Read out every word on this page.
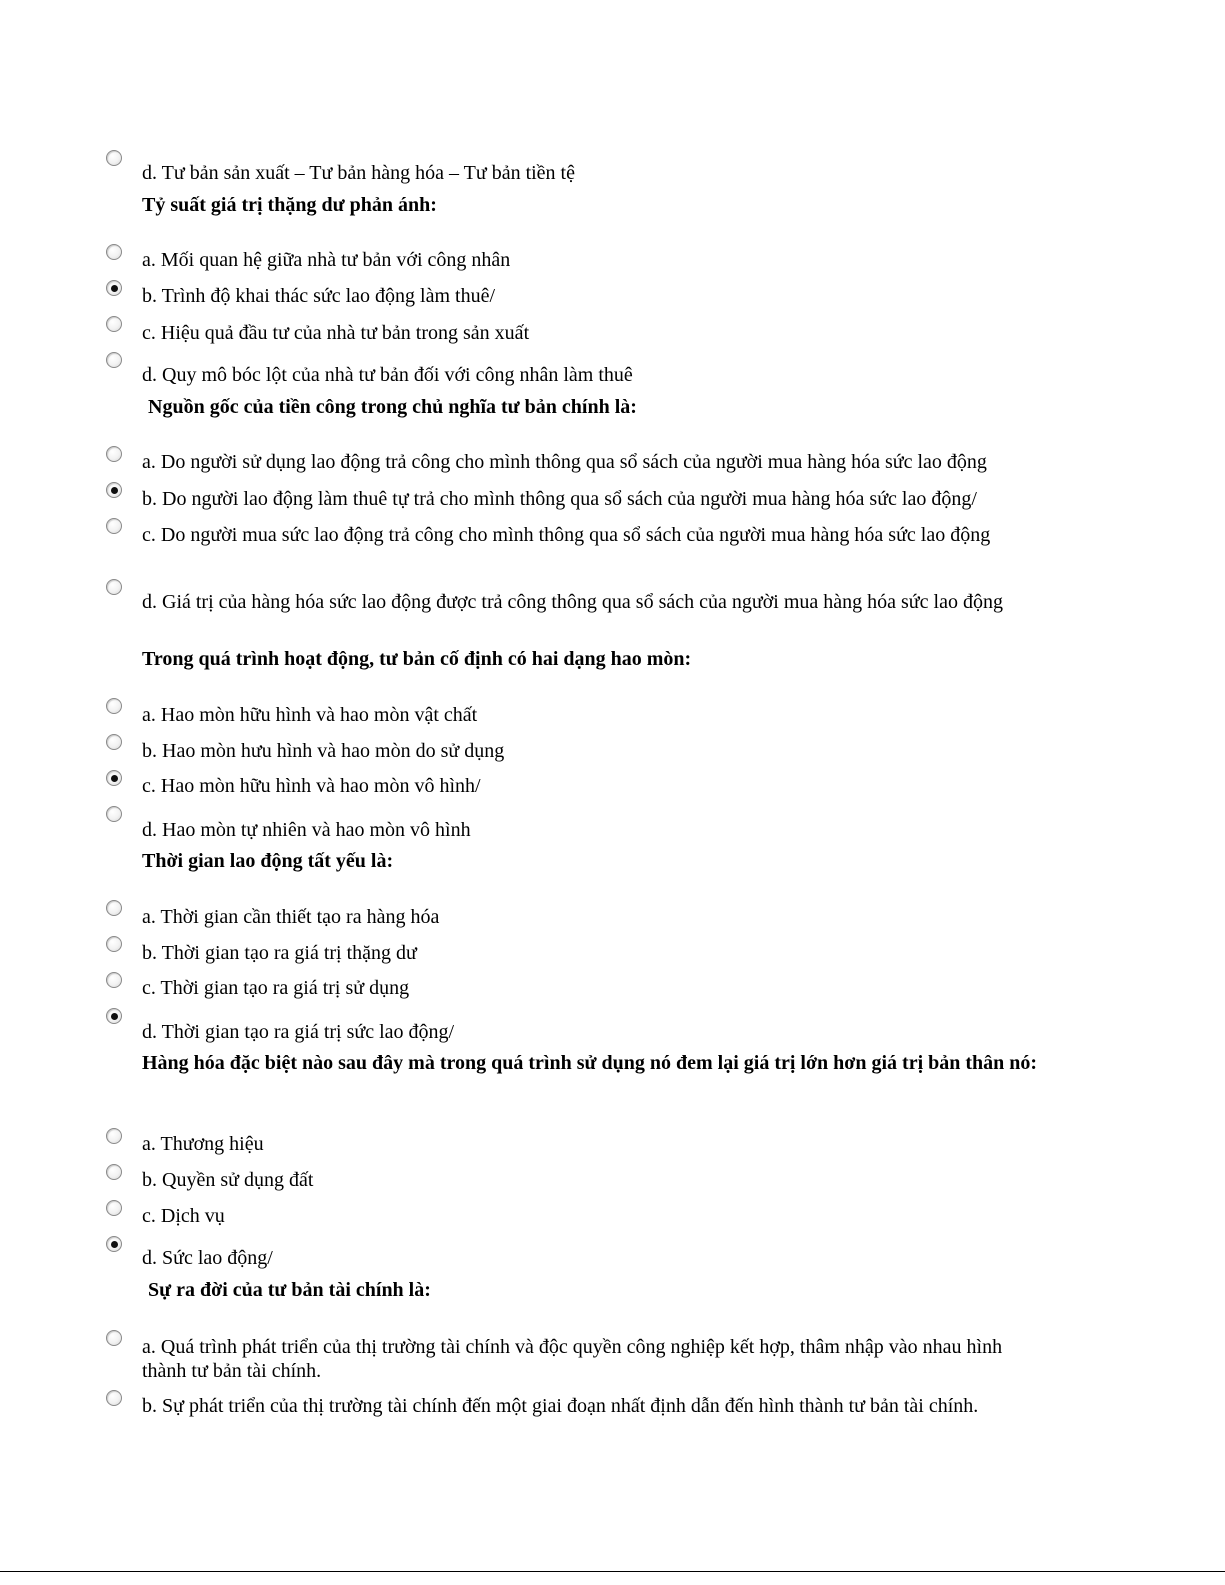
d. Tư bản sản xuất – Tư bản hàng hóa – Tư bản tiền tệ
Tỷ suất giá trị thặng dư phản ánh:
a. Mối quan hệ giữa nhà tư bản với công nhân
b. Trình độ khai thác sức lao động làm thuê/
c. Hiệu quả đầu tư của nhà tư bản trong sản xuất
d. Quy mô bóc lột của nhà tư bản đối với công nhân làm thuê
Nguồn gốc của tiền công trong chủ nghĩa tư bản chính là:
a. Do người sử dụng lao động trả công cho mình thông qua sổ sách của người mua hàng hóa sức lao động
b. Do người lao động làm thuê tự trả cho mình thông qua sổ sách của người mua hàng hóa sức lao động/
c. Do người mua sức lao động trả công cho mình thông qua sổ sách của người mua hàng hóa sức lao động
d. Giá trị của hàng hóa sức lao động được trả công thông qua sổ sách của người mua hàng hóa sức lao động
Trong quá trình hoạt động, tư bản cố định có hai dạng hao mòn:
a. Hao mòn hữu hình và hao mòn vật chất
b. Hao mòn hưu hình và hao mòn do sử dụng
c. Hao mòn hữu hình và hao mòn vô hình/
d. Hao mòn tự nhiên và hao mòn vô hình
Thời gian lao động tất yếu là:
a. Thời gian cần thiết tạo ra hàng hóa
b. Thời gian tạo ra giá trị thặng dư
c. Thời gian tạo ra giá trị sử dụng
d. Thời gian tạo ra giá trị sức lao động/
Hàng hóa đặc biệt nào sau đây mà trong quá trình sử dụng nó đem lại giá trị lớn hơn giá trị bản thân nó:
a. Thương hiệu
b. Quyền sử dụng đất
c. Dịch vụ
d. Sức lao động/
Sự ra đời của tư bản tài chính là:
a. Quá trình phát triển của thị trường tài chính và độc quyền công nghiệp kết hợp, thâm nhập vào nhau hình thành tư bản tài chính.
b. Sự phát triển của thị trường tài chính đến một giai đoạn nhất định dẫn đến hình thành tư bản tài chính.
